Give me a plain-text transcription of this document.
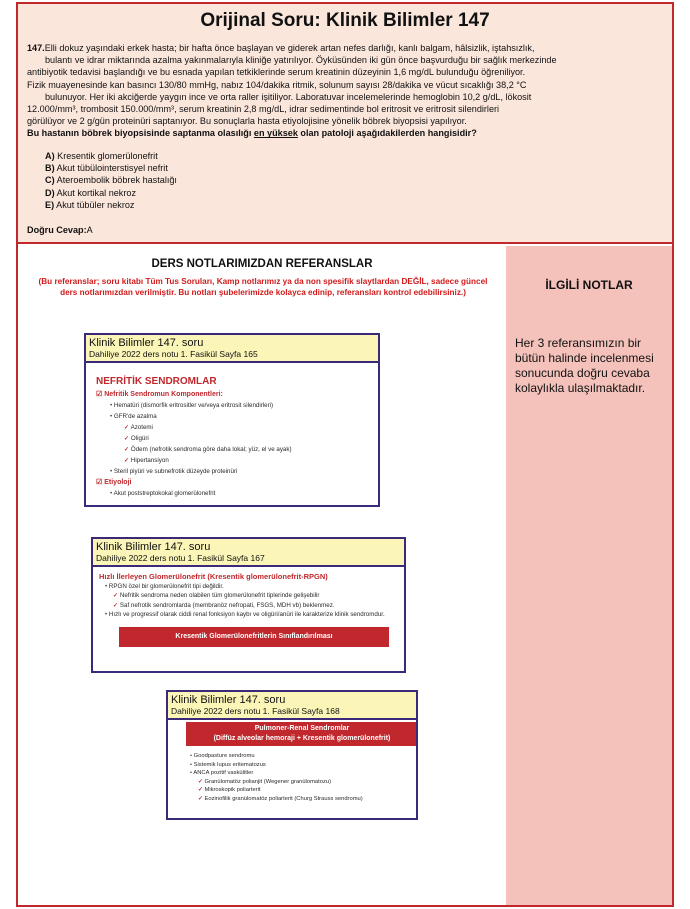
Orijinal Soru: Klinik Bilimler 147
147.Elli dokuz yaşındaki erkek hasta; bir hafta önce başlayan ve giderek artan nefes darlığı, kanlı balgam, hâlsizlik, iştahsızlık,
bulantı ve idrar miktarında azalma yakınmalarıyla kliniğe yatırılıyor. Öyküsünden iki gün önce başvurduğu bir sağlık merkezinde
antibiyotik tedavisi başlandığı ve bu esnada yapılan tetkiklerinde serum kreatinin düzeyinin 1,6 mg/dL bulunduğu öğreniliyor.
Fizik muayenesinde kan basıncı 130/80 mmHg, nabız 104/dakika ritmik, solunum sayısı 28/dakika ve vücut sıcaklığı 38,2 °C
bulunuyor. Her iki akciğerde yaygın ince ve orta raller işitiliyor. Laboratuvar incelemelerinde hemoglobin 10,2 g/dL, lökosit
12.000/mm³, trombosit 150.000/mm³, serum kreatinin 2,8 mg/dL, idrar sedimentinde bol eritrosit ve eritrosit silendirleri
görülüyor ve 2 g/gün proteinüri saptanıyor. Bu sonuçlarla hasta etiyolojisine yönelik böbrek biyopsisi yapılıyor.
Bu hastanın böbrek biyopsisinde saptanma olasılığı en yüksek olan patoloji aşağıdakilerden hangisidir?
A) Kresentik glomerülonefrit
B) Akut tübülointerstisyel nefrit
C) Ateroembolik böbrek hastalığı
D) Akut kortikal nekroz
E) Akut tübüler nekroz
Doğru Cevap:A
DERS NOTLARIMIZDAN REFERANSLAR
(Bu referanslar; soru kitabı Tüm Tus Soruları, Kamp notlarımız ya da non spesifik slaytlardan DEĞİL, sadece güncel ders notlarımızdan verilmiştir. Bu notları şubelerimizde kolayca edinip, referansları kontrol edebilirsiniz.)
İLGİLİ NOTLAR
Her 3 referansımızın bir bütün halinde incelenmesi sonucunda doğru cevaba kolaylıkla ulaşılmaktadır.
NEFRİTİK SENDROMLAR
☑ Nefritik Sendromun Komponentleri:
• Hematüri (dismorfik eritrositler ve/veya eritrosit silendirleri)
• GFR'de azalma
✓ Azotemi
✓ Oligüri
✓ Ödem (nefrotik sendroma göre daha lokal; yüz, el ve ayak)
✓ Hipertansiyon
• Steril piyüri ve subnefrotik düzeyde proteinüri
☑ Etiyoloji
• Akut poststreptokokal glomerülonefrit
Klinik Bilimler 147. soru
Dahiliye 2022 ders notu 1. Fasikül Sayfa 165
Klinik Bilimler 147. soru
Dahiliye 2022 ders notu 1. Fasikül Sayfa 167
Hızlı İlerleyen Glomerülonefrit (Kresentik glomerülonefrit-RPGN)
• RPGN özel bir glomerülonefrit tipi değildir.
✓ Nefritik sendroma neden olabilen tüm glomerülonefrit tiplerinde gelişebilir
✓ Saf nefrotik sendromlarda (membranöz nefropati, FSGS, MDH vb) beklenmez.
• Hızlı ve progressif olarak ciddi renal fonksiyon kaybı ve oligüri/anüri ile karakterize klinik sendromdur.
Kresentik Glomerülonefritlerin Sınıflandırılması
Klinik Bilimler 147. soru
Dahiliye 2022 ders notu 1. Fasikül Sayfa 168
Pulmoner-Renal Sendromlar
(Diffüz alveolar hemoraji + Kresentik glomerülonefrit)
• Goodpasture sendromu
• Sistemik lupus eritematozus
• ANCA pozitif vaskülitler
✓ Granülomatöz polianjit (Wegener granülomatozu)
✓ Mikroskopik poliarterit
✓ Eozinofilik granülomatöz poliarterit (Churg Strauss sendromu)
